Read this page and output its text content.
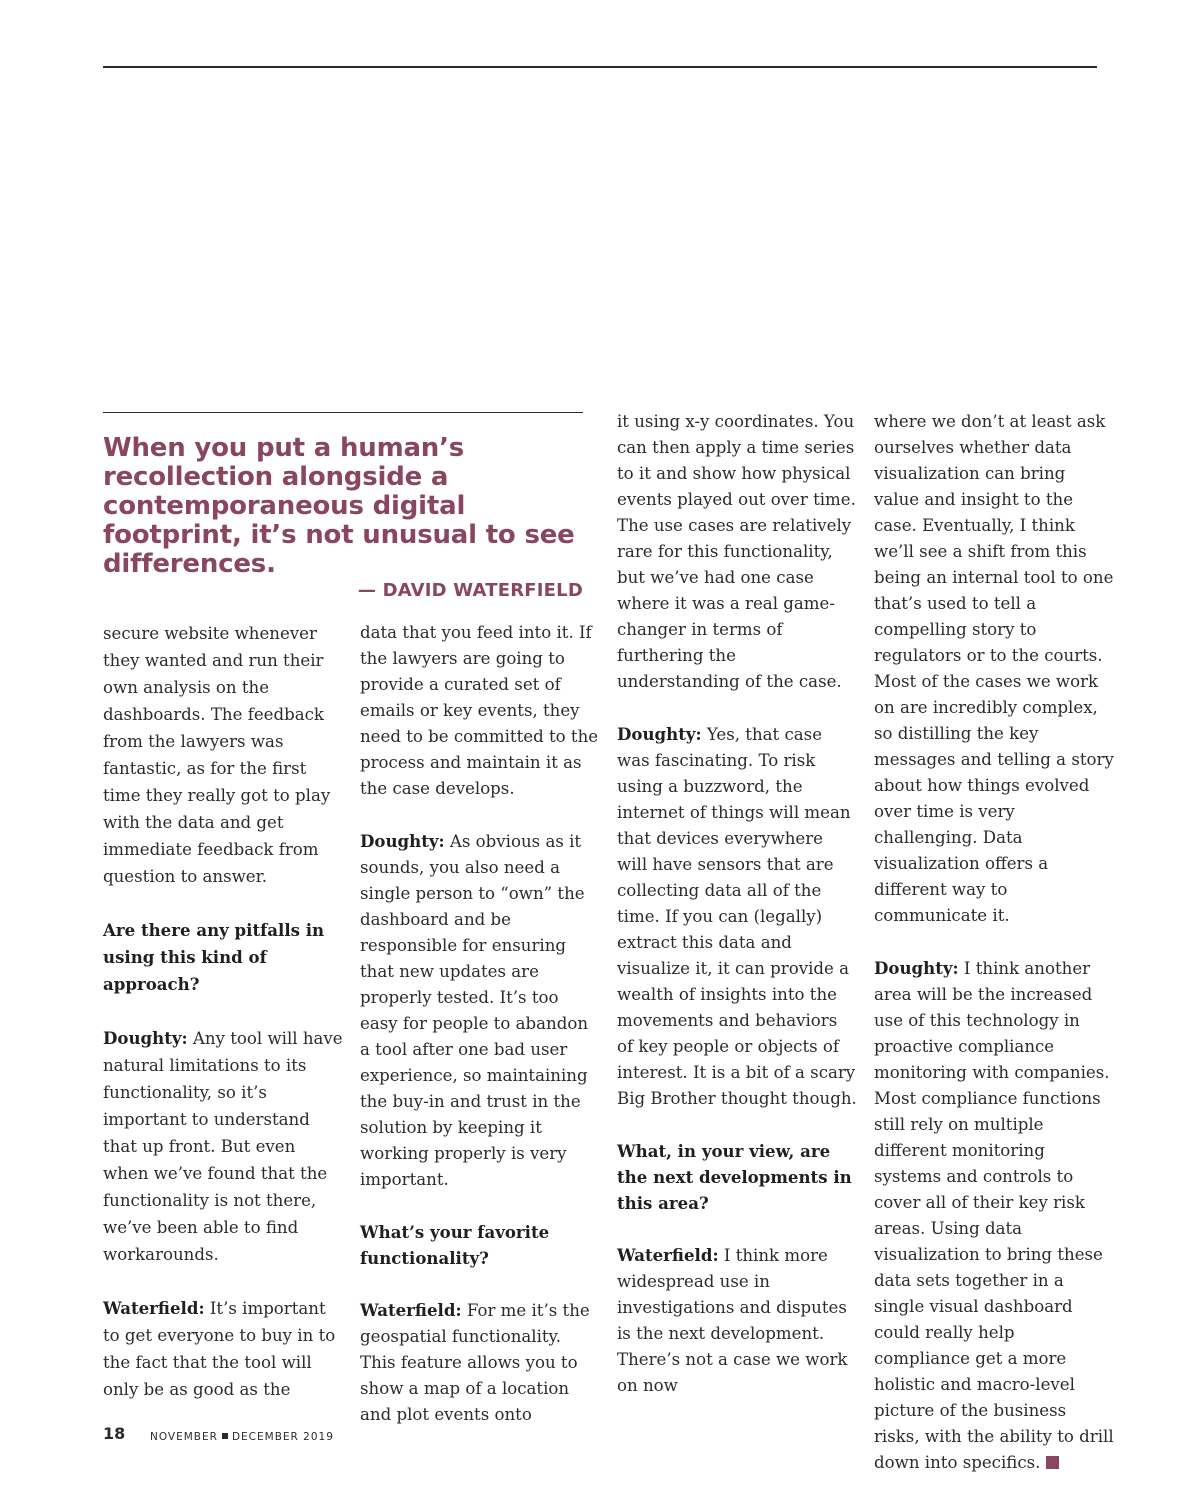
When you put a human’s recollection alongside a contemporaneous digital footprint, it’s not unusual to see differences.

— DAVID WATERFIELD

secure website whenever they wanted and run their own analysis on the dashboards. The feedback from the lawyers was fantastic, as for the first time they really got to play with the data and get immediate feedback from question to answer.

Are there any pitfalls in using this kind of approach?

Doughty: Any tool will have natural limitations to its functionality, so it’s important to understand that up front. But even when we’ve found that the functionality is not there, we’ve been able to find workarounds.

Waterfield: It’s important to get everyone to buy in to the fact that the tool will only be as good as the

data that you feed into it. If the lawyers are going to provide a curated set of emails or key events, they need to be committed to the process and maintain it as the case develops.

Doughty: As obvious as it sounds, you also need a single person to “own” the dashboard and be responsible for ensuring that new updates are properly tested. It’s too easy for people to abandon a tool after one bad user experience, so maintaining the buy-in and trust in the solution by keeping it working properly is very important.

What’s your favorite functionality?

Waterfield: For me it’s the geospatial functionality. This feature allows you to show a map of a location and plot events onto

it using x-y coordinates. You can then apply a time series to it and show how physical events played out over time. The use cases are relatively rare for this functionality, but we’ve had one case where it was a real game-changer in terms of furthering the understanding of the case.

Doughty: Yes, that case was fascinating. To risk using a buzzword, the internet of things will mean that devices everywhere will have sensors that are collecting data all of the time. If you can (legally) extract this data and visualize it, it can provide a wealth of insights into the movements and behaviors of key people or objects of interest. It is a bit of a scary Big Brother thought though.

What, in your view, are the next developments in this area?

Waterfield: I think more widespread use in investigations and disputes is the next development. There’s not a case we work on now

where we don’t at least ask ourselves whether data visualization can bring value and insight to the case. Eventually, I think we’ll see a shift from this being an internal tool to one that’s used to tell a compelling story to regulators or to the courts. Most of the cases we work on are incredibly complex, so distilling the key messages and telling a story about how things evolved over time is very challenging. Data visualization offers a different way to communicate it.

Doughty: I think another area will be the increased use of this technology in proactive compliance monitoring with companies. Most compliance functions still rely on multiple different monitoring systems and controls to cover all of their key risk areas. Using data visualization to bring these data sets together in a single visual dashboard could really help compliance get a more holistic and macro-level picture of the business risks, with the ability to drill down into specifics.

18 NOVEMBER DECEMBER 2019
